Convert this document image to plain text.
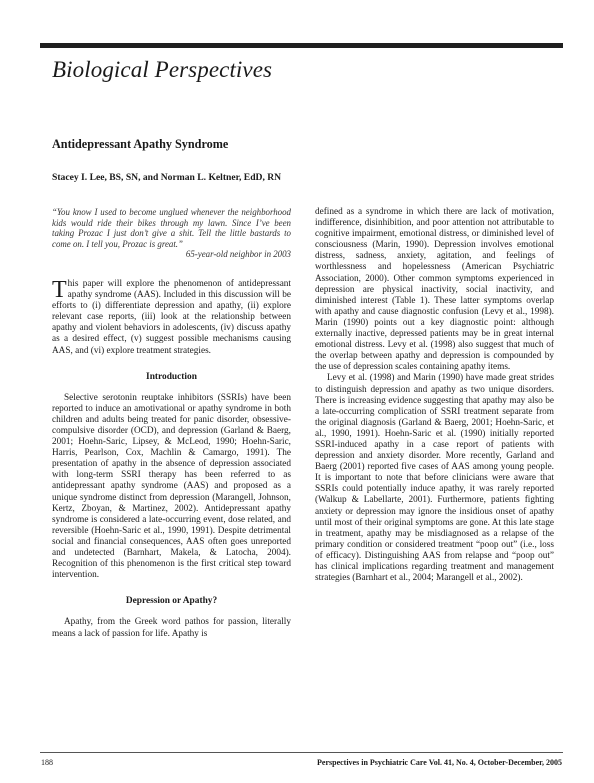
Biological Perspectives
Antidepressant Apathy Syndrome

Stacey I. Lee, BS, SN, and Norman L. Keltner, EdD, RN

“You know I used to become unglued whenever the neighborhood kids would ride their bikes through my lawn. Since I’ve been taking Prozac I just don’t give a shit. Tell the little bastards to come on. I tell you, Prozac is great.”

65-year-old neighbor in 2003

This paper will explore the phenomenon of antidepressant apathy syndrome (AAS). Included in this discussion will be efforts to (i) differentiate depression and apathy, (ii) explore relevant case reports, (iii) look at the relationship between apathy and violent behaviors in adolescents, (iv) discuss apathy as a desired effect, (v) suggest possible mechanisms causing AAS, and (vi) explore treatment strategies.

Introduction

Selective serotonin reuptake inhibitors (SSRIs) have been reported to induce an amotivational or apathy syndrome in both children and adults being treated for panic disorder, obsessive-compulsive disorder (OCD), and depression (Garland & Baerg, 2001; Hoehn-Saric, Lipsey, & McLeod, 1990; Hoehn-Saric, Harris, Pearlson, Cox, Machlin & Camargo, 1991). The presentation of apathy in the absence of depression associated with long-term SSRI therapy has been referred to as antidepressant apathy syndrome (AAS) and proposed as a unique syndrome distinct from depression (Marangell, Johnson, Kertz, Zboyan, & Martinez, 2002). Antidepressant apathy syndrome is considered a late-occurring event, dose related, and reversible (Hoehn-Saric et al., 1990, 1991). Despite detrimental social and financial consequences, AAS often goes unreported and undetected (Barnhart, Makela, & Latocha, 2004). Recognition of this phenomenon is the first critical step toward intervention.

Depression or Apathy?

Apathy, from the Greek word pathos for passion, literally means a lack of passion for life. Apathy is

defined as a syndrome in which there are lack of motivation, indifference, disinhibition, and poor attention not attributable to cognitive impairment, emotional distress, or diminished level of consciousness (Marin, 1990). Depression involves emotional distress, sadness, anxiety, agitation, and feelings of worthlessness and hopelessness (American Psychiatric Association, 2000). Other common symptoms experienced in depression are physical inactivity, social inactivity, and diminished interest (Table 1). These latter symptoms overlap with apathy and cause diagnostic confusion (Levy et al., 1998). Marin (1990) points out a key diagnostic point: although externally inactive, depressed patients may be in great internal emotional distress. Levy et al. (1998) also suggest that much of the overlap between apathy and depression is compounded by the use of depression scales containing apathy items.

Levy et al. (1998) and Marin (1990) have made great strides to distinguish depression and apathy as two unique disorders. There is increasing evidence suggesting that apathy may also be a late-occurring complication of SSRI treatment separate from the original diagnosis (Garland & Baerg, 2001; Hoehn-Saric, et al., 1990, 1991). Hoehn-Saric et al. (1990) initially reported SSRI-induced apathy in a case report of patients with depression and anxiety disorder. More recently, Garland and Baerg (2001) reported five cases of AAS among young people. It is important to note that before clinicians were aware that SSRIs could potentially induce apathy, it was rarely reported (Walkup & Labellarte, 2001). Furthermore, patients fighting anxiety or depression may ignore the insidious onset of apathy until most of their original symptoms are gone. At this late stage in treatment, apathy may be misdiagnosed as a relapse of the primary condition or considered treatment “poop out” (i.e., loss of efficacy). Distinguishing AAS from relapse and “poop out” has clinical implications regarding treatment and management strategies (Barnhart et al., 2004; Marangell et al., 2002).

188	Perspectives in Psychiatric Care Vol. 41, No. 4, October-December, 2005
